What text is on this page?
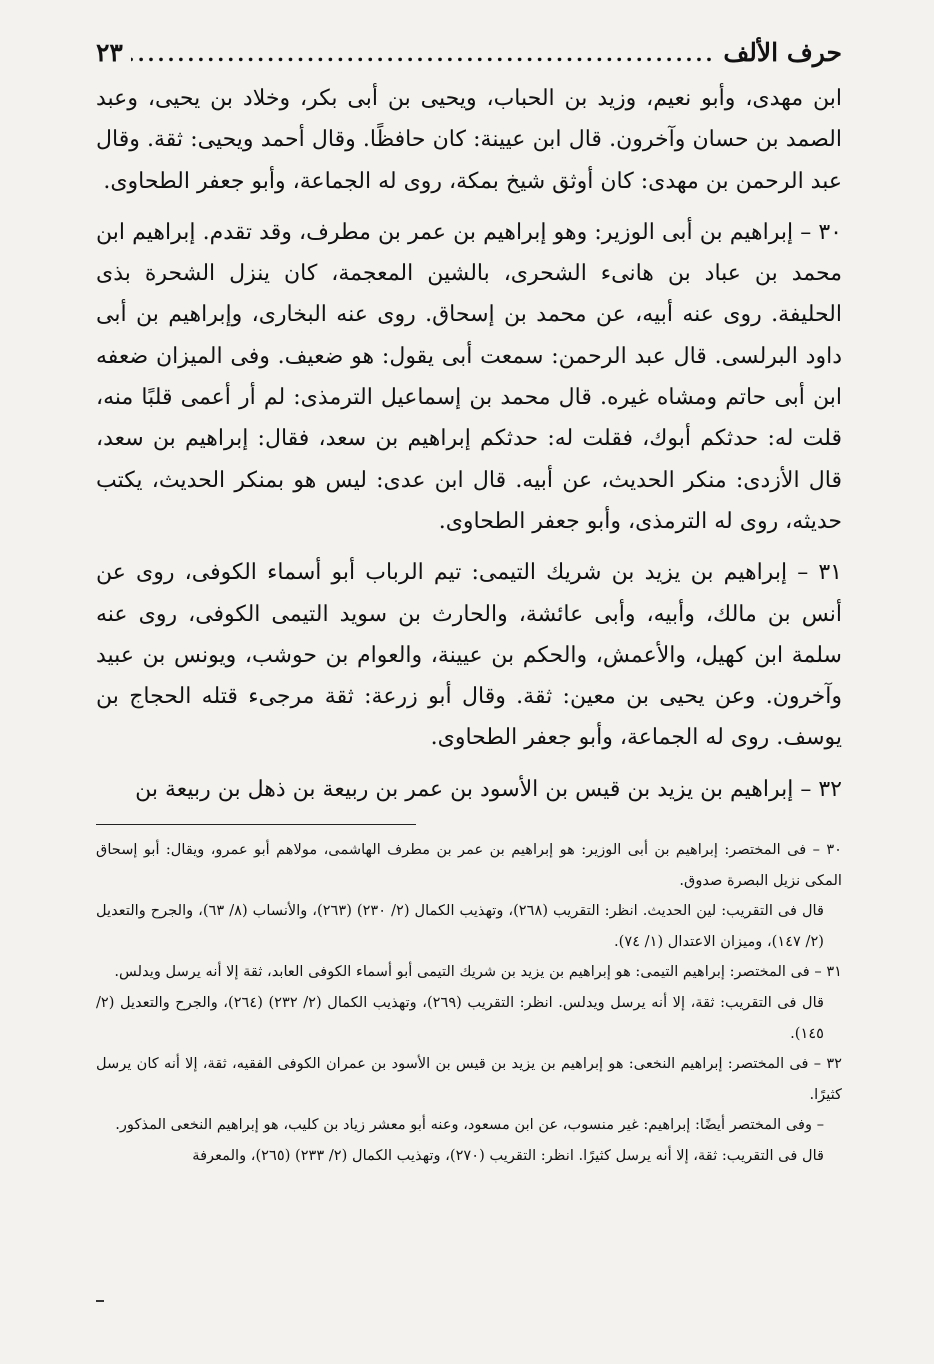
حرف الألف
.....
٢٣

ابن مهدى، وأبو نعيم، وزيد بن الحباب، ويحيى بن أبى بكر، وخلاد بن يحيى، وعبد الصمد بن حسان وآخرون. قال ابن عيينة: كان حافظًا. وقال أحمد ويحيى: ثقة. وقال عبد الرحمن بن مهدى: كان أوثق شيخ بمكة، روى له الجماعة، وأبو جعفر الطحاوى.

٣٠ – إبراهيم بن أبى الوزير: وهو إبراهيم بن عمر بن مطرف، وقد تقدم. إبراهيم ابن محمد بن عباد بن هانىء الشحرى، بالشين المعجمة، كان ينزل الشحرة بذى الحليفة. روى عنه أبيه، عن محمد بن إسحاق. روى عنه البخارى، وإبراهيم بن أبى داود البرلسى. قال عبد الرحمن: سمعت أبى يقول: هو ضعيف. وفى الميزان ضعفه ابن أبى حاتم ومشاه غيره. قال محمد بن إسماعيل الترمذى: لم أر أعمى قلبًا منه، قلت له: حدثكم أبوك، فقلت له: حدثكم إبراهيم بن سعد، فقال: إبراهيم بن سعد، قال الأزدى: منكر الحديث، عن أبيه. قال ابن عدى: ليس هو بمنكر الحديث، يكتب حديثه، روى له الترمذى، وأبو جعفر الطحاوى.

٣١ – إبراهيم بن يزيد بن شريك التيمى: تيم الرباب أبو أسماء الكوفى، روى عن أنس بن مالك، وأبيه، وأبى عائشة، والحارث بن سويد التيمى الكوفى، روى عنه سلمة ابن كهيل، والأعمش، والحكم بن عيينة، والعوام بن حوشب، ويونس بن عبيد وآخرون. وعن يحيى بن معين: ثقة. وقال أبو زرعة: ثقة مرجىء قتله الحجاج بن يوسف. روى له الجماعة، وأبو جعفر الطحاوى.

٣٢ – إبراهيم بن يزيد بن قيس بن الأسود بن عمر بن ربيعة بن ذهل بن ربيعة بن

٣٠ – فى المختصر: إبراهيم بن أبى الوزير: هو إبراهيم بن عمر بن مطرف الهاشمى، مولاهم أبو عمرو، ويقال: أبو إسحاق المكى نزيل البصرة صدوق.

قال فى التقريب: لين الحديث. انظر: التقريب (٢٦٨)، وتهذيب الكمال (٢/ ٢٣٠) (٢٦٣)، والأنساب (٨/ ٦٣)، والجرح والتعديل (٢/ ١٤٧)، وميزان الاعتدال (١/ ٧٤).

٣١ – فى المختصر: إبراهيم التيمى: هو إبراهيم بن يزيد بن شريك التيمى أبو أسماء الكوفى العابد، ثقة إلا أنه يرسل ويدلس.

قال فى التقريب: ثقة، إلا أنه يرسل ويدلس. انظر: التقريب (٢٦٩)، وتهذيب الكمال (٢/ ٢٣٢) (٢٦٤)، والجرح والتعديل (٢/ ١٤٥).

٣٢ – فى المختصر: إبراهيم النخعى: هو إبراهيم بن يزيد بن قيس بن الأسود بن عمران الكوفى الفقيه، ثقة، إلا أنه كان يرسل كثيرًا.

– وفى المختصر أيضًا: إبراهيم: غير منسوب، عن ابن مسعود، وعنه أبو معشر زياد بن كليب، هو إبراهيم النخعى المذكور.

قال فى التقريب: ثقة، إلا أنه يرسل كثيرًا. انظر: التقريب (٢٧٠)، وتهذيب الكمال (٢/ ٢٣٣) (٢٦٥)، والمعرفة
